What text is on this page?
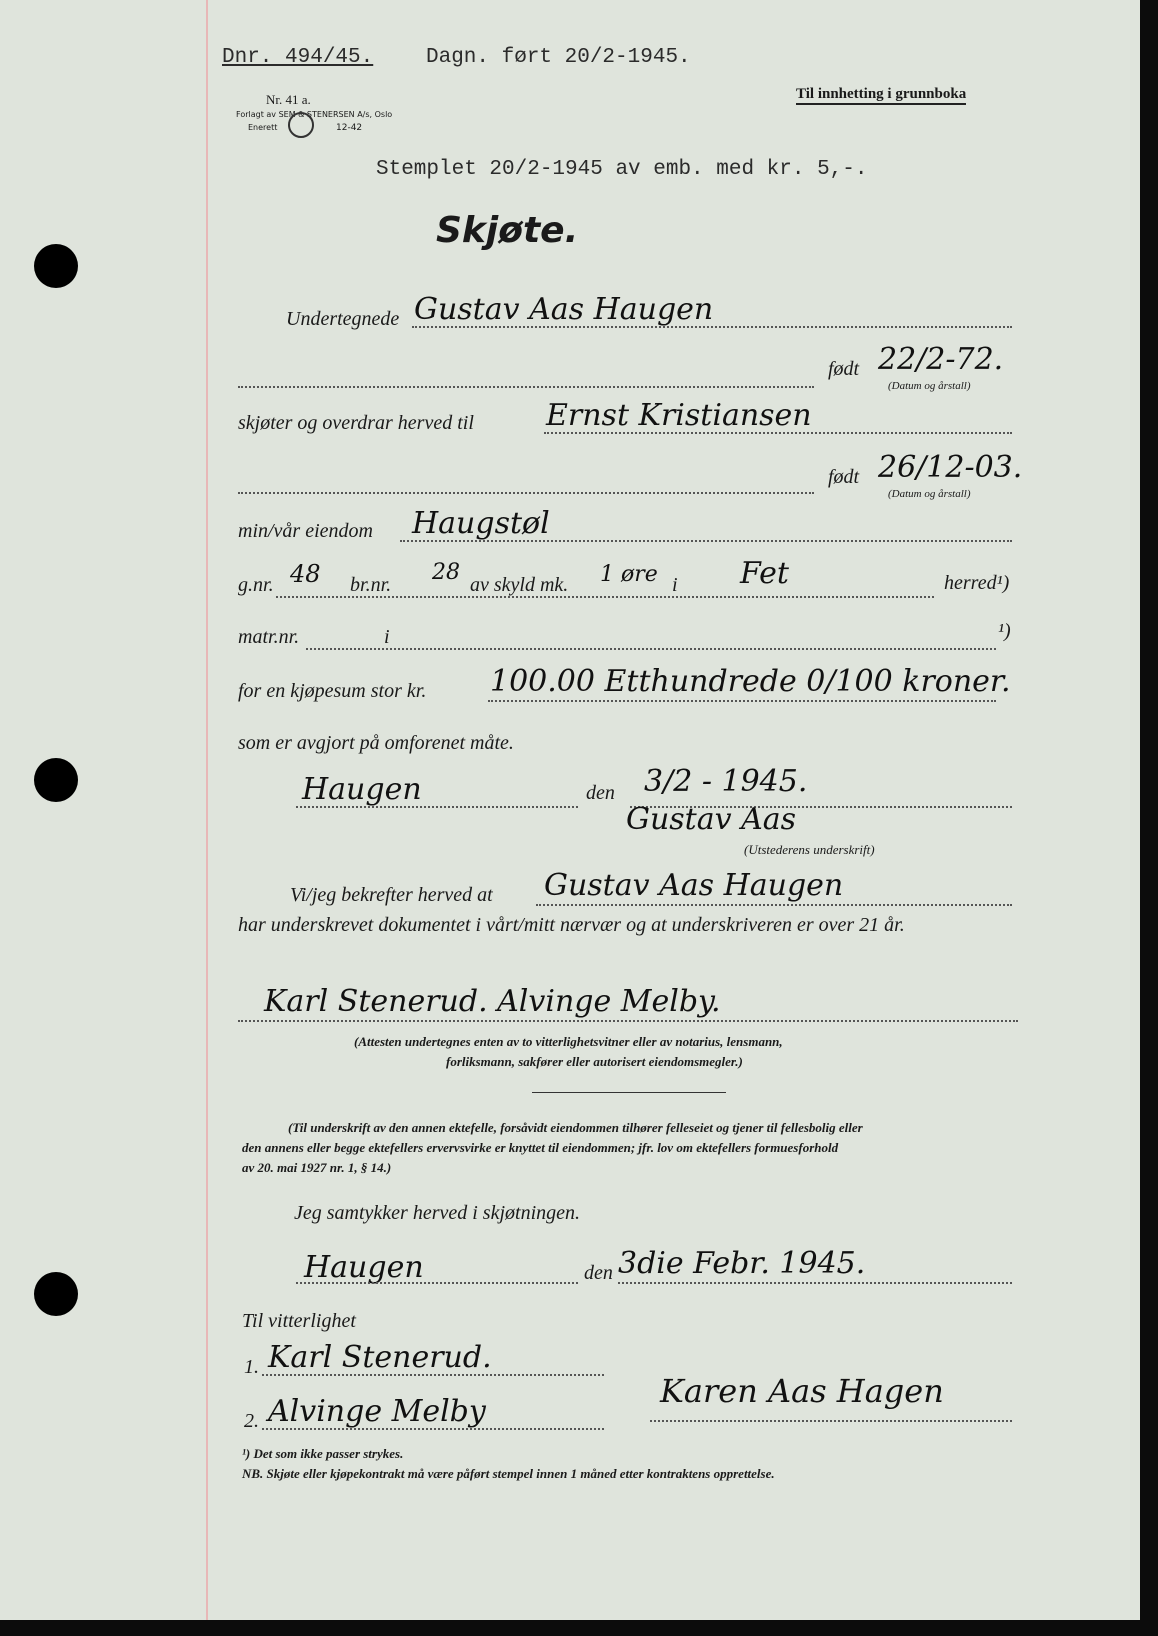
Dnr. 494/45.	Dagn. ført 20/2-1945.
Til innhetting i grunnboka
Nr. 41 a.
Forlagt av SEM & STENERSEN A/s, Oslo
Enerett	12-42
Stemplet 20/2-1945 av emb. med kr. 5,-.
Skjøte.
Undertegnede Gustav Aas Haugen
født 22/2-72.
(Datum og årstall)
skjøter og overdrar herved til Ernst Kristiansen
født 26/12-03.
(Datum og årstall)
min/vår eiendom Haugstøl
g.nr. 48 br.nr. 28 av skyld mk. 1 øre i Fet	herred¹)
matr.nr.	i	¹)
for en kjøpesum stor kr. 100.00 Etthundrede 0/100 kroner.
som er avgjort på omforenet måte.
Haugen	den 3/2 - 1945.
Gustav Aas
(Utstederens underskrift)
Vi/jeg bekrefter herved at Gustav Aas Haugen
har underskrevet dokumentet i vårt/mitt nærvær og at underskriveren er over 21 år.
Karl Stenerud. Alvinge Melby.
(Attesten undertegnes enten av to vitterlighetsvitner eller av notarius, lensmann,
forliksmann, sakfører eller autorisert eiendomsmegler.)
(Til underskrift av den annen ektefelle, forsåvidt eiendommen tilhører felleseiet og tjener til fellesbolig eller
den annens eller begge ektefellers ervervsvirke er knyttet til eiendommen; jfr. lov om ektefellers formuesforhold
av 20. mai 1927 nr. 1, § 14.)
Jeg samtykker herved i skjøtningen.
Haugen	den 3die Febr. 1945.
Til vitterlighet
1. Karl Stenerud.
2. Alvinge Melby
Karen Aas Hagen
¹) Det som ikke passer strykes.
NB. Skjøte eller kjøpekontrakt må være påført stempel innen 1 måned etter kontraktens opprettelse.
